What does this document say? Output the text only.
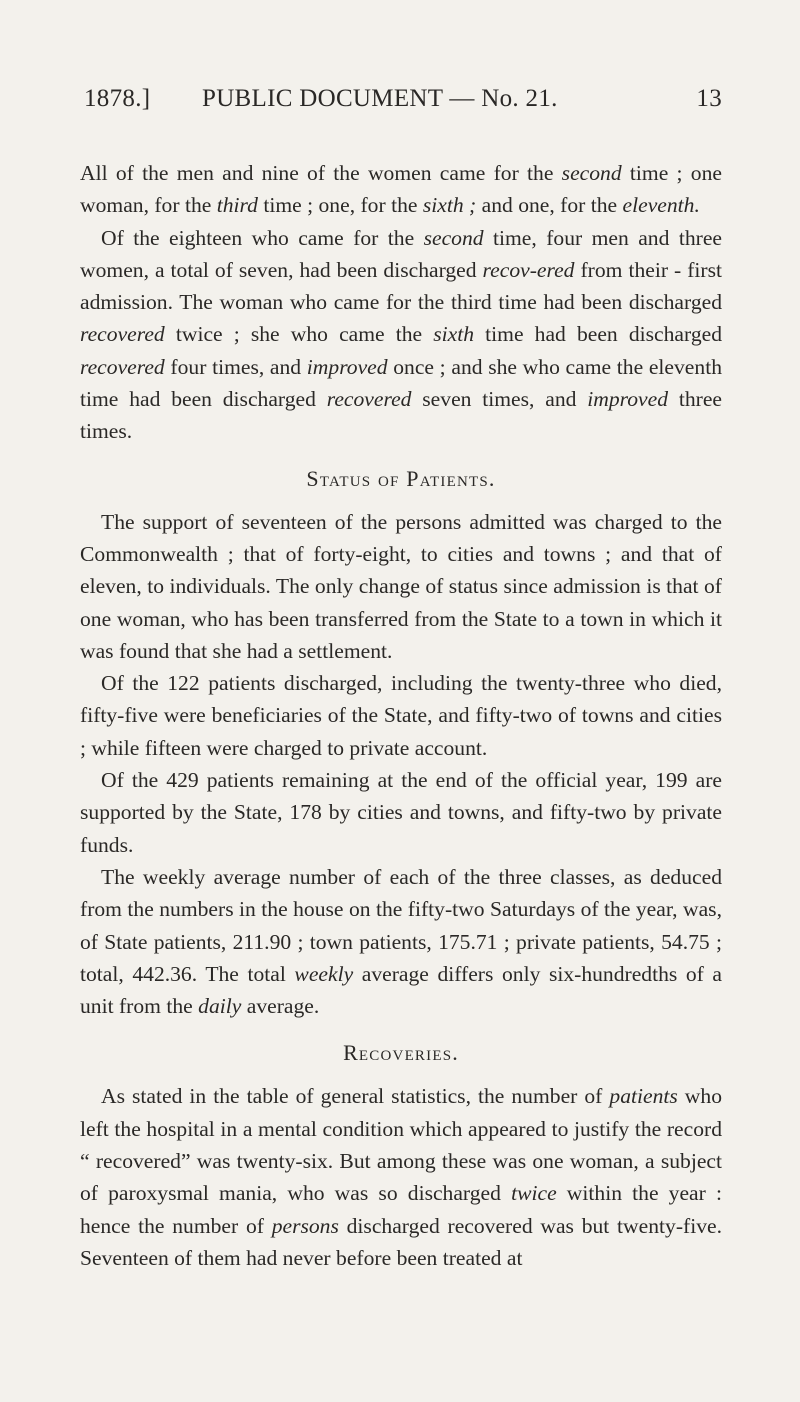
1878.] PUBLIC DOCUMENT — No. 21.	13

All of the men and nine of the women came for the second time ; one woman, for the third time ; one, for the sixth ; and one, for the eleventh.

Of the eighteen who came for the second time, four men and three women, a total of seven, had been discharged recov-ered from their - first admission. The woman who came for the third time had been discharged recovered twice ; she who came the sixth time had been discharged recovered four times, and improved once ; and she who came the eleventh time had been discharged recovered seven times, and improved three times.

Status of Patients.

The support of seventeen of the persons admitted was charged to the Commonwealth ; that of forty-eight, to cities and towns ; and that of eleven, to individuals. The only change of status since admission is that of one woman, who has been transferred from the State to a town in which it was found that she had a settlement.

Of the 122 patients discharged, including the twenty-three who died, fifty-five were beneficiaries of the State, and fifty-two of towns and cities ; while fifteen were charged to private account.

Of the 429 patients remaining at the end of the official year, 199 are supported by the State, 178 by cities and towns, and fifty-two by private funds.

The weekly average number of each of the three classes, as deduced from the numbers in the house on the fifty-two Saturdays of the year, was, of State patients, 211.90 ; town patients, 175.71 ; private patients, 54.75 ; total, 442.36. The total weekly average differs only six-hundredths of a unit from the daily average.

Recoveries.

As stated in the table of general statistics, the number of patients who left the hospital in a mental condition which appeared to justify the record “ recovered” was twenty-six. But among these was one woman, a subject of paroxysmal mania, who was so discharged twice within the year : hence the number of persons discharged recovered was but twenty-five. Seventeen of them had never before been treated at
